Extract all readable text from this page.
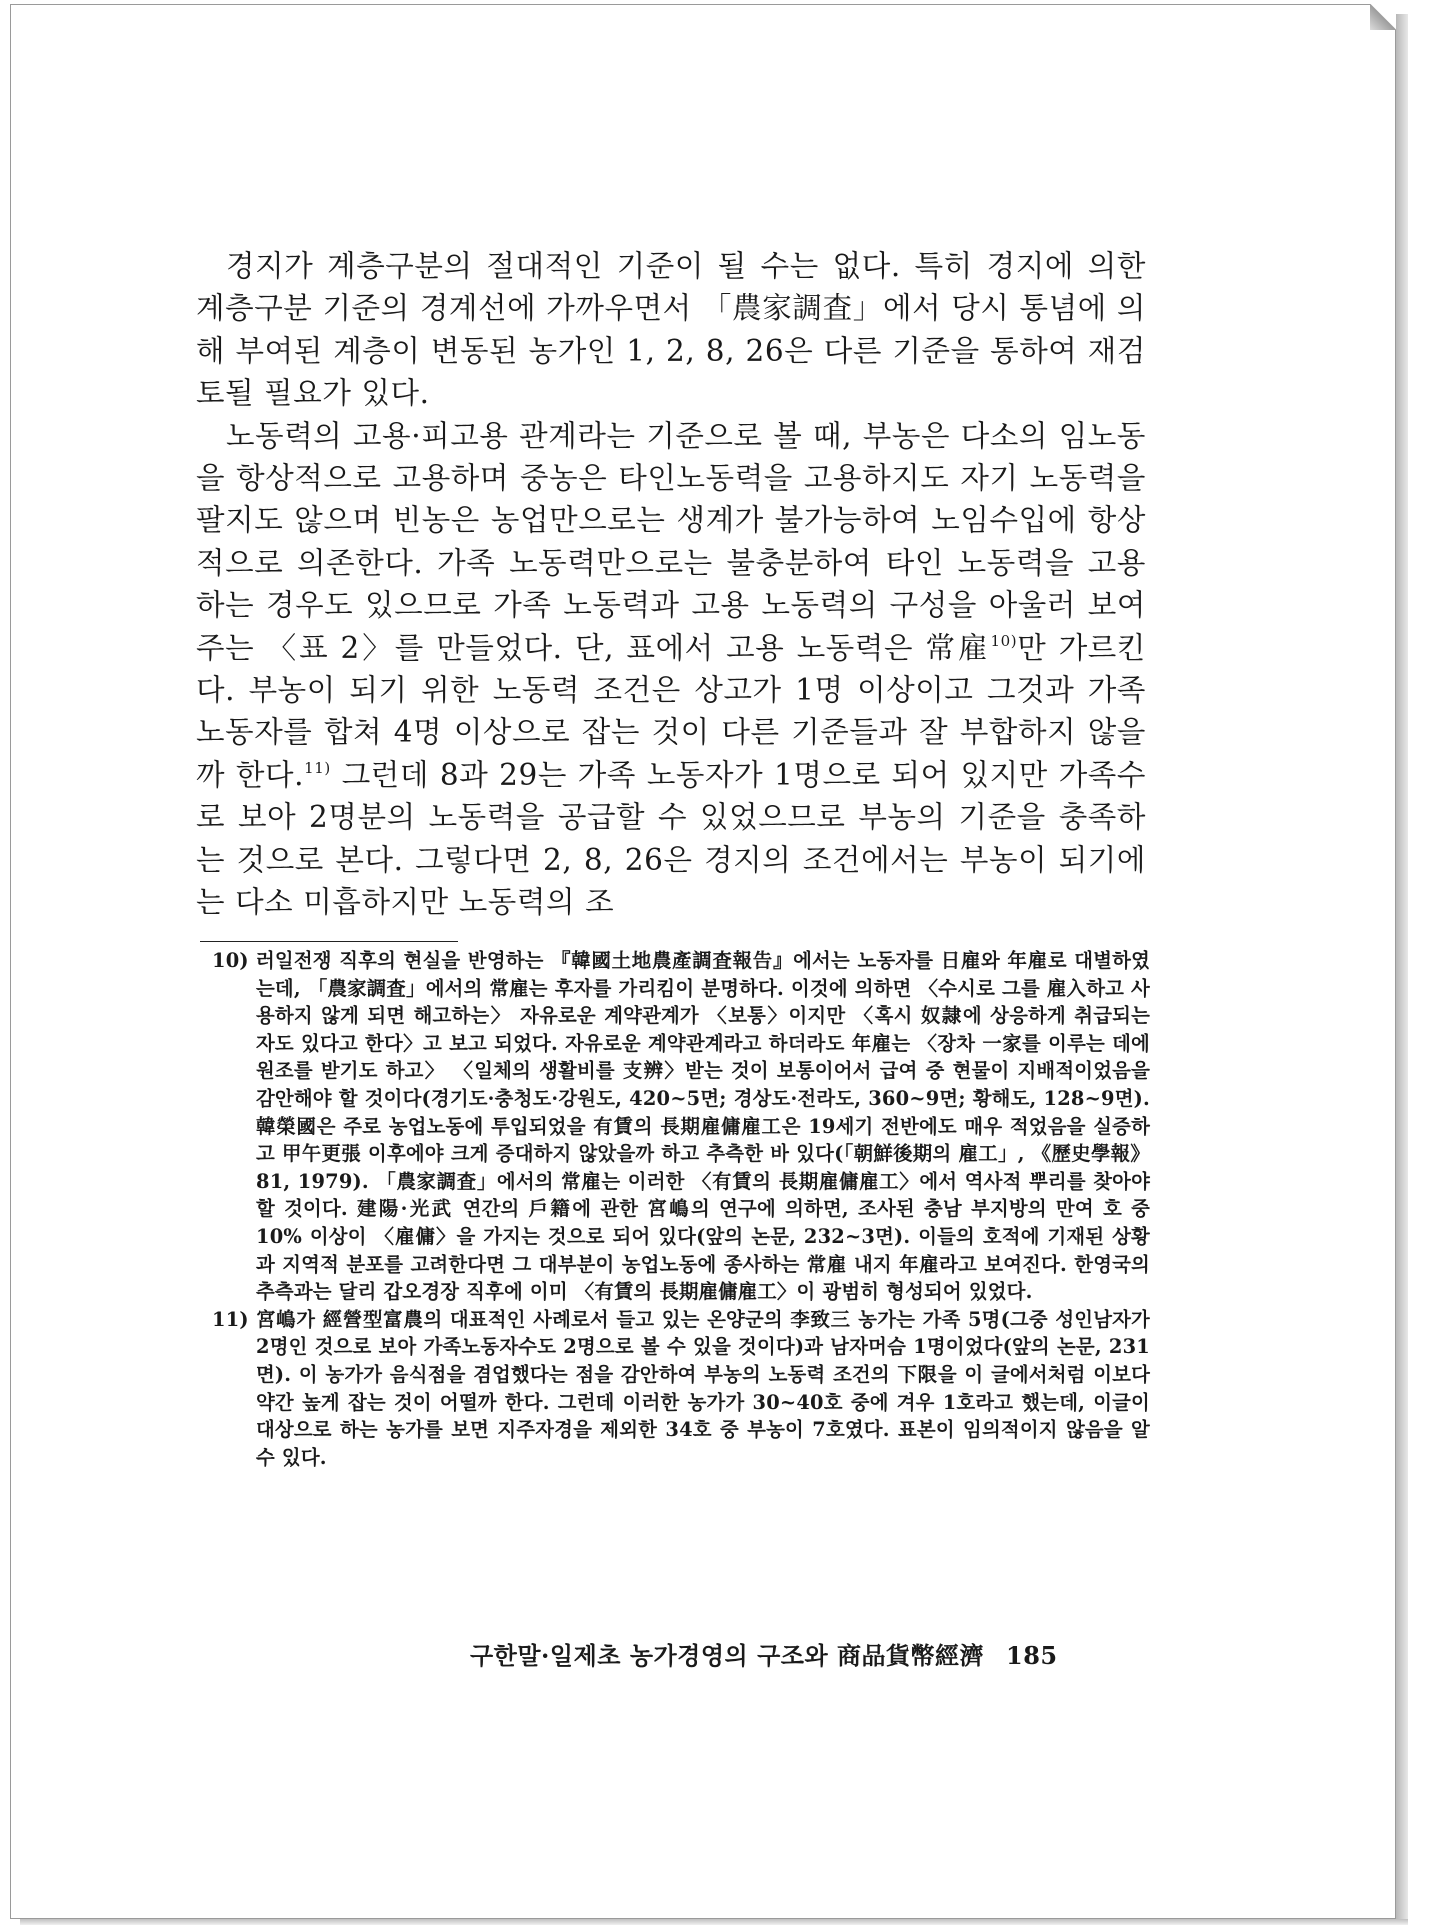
경지가 계층구분의 절대적인 기준이 될 수는 없다. 특히 경지에 의한 계층구분 기준의 경계선에 가까우면서 「農家調査」에서 당시 통념에 의해 부여된 계층이 변동된 농가인 1, 2, 8, 26은 다른 기준을 통하여 재검토될 필요가 있다.

노동력의 고용·피고용 관계라는 기준으로 볼 때, 부농은 다소의 임노동을 항상적으로 고용하며 중농은 타인노동력을 고용하지도 자기 노동력을 팔지도 않으며 빈농은 농업만으로는 생계가 불가능하여 노임수입에 항상적으로 의존한다. 가족 노동력만으로는 불충분하여 타인 노동력을 고용하는 경우도 있으므로 가족 노동력과 고용 노동력의 구성을 아울러 보여주는 〈표 2〉를 만들었다. 단, 표에서 고용 노동력은 常雇$^{10)}$만 가르킨다. 부농이 되기 위한 노동력 조건은 상고가 1명 이상이고 그것과 가족 노동자를 합쳐 4명 이상으로 잡는 것이 다른 기준들과 잘 부합하지 않을까 한다.$^{11)}$ 그런데 8과 29는 가족 노동자가 1명으로 되어 있지만 가족수로 보아 2명분의 노동력을 공급할 수 있었으므로 부농의 기준을 충족하는 것으로 본다. 그렇다면 2, 8, 26은 경지의 조건에서는 부농이 되기에는 다소 미흡하지만 노동력의 조

10) 러일전쟁 직후의 현실을 반영하는 『韓國土地農產調査報告』에서는 노동자를 日雇와 年雇로 대별하였는데, 「農家調査」에서의 常雇는 후자를 가리킴이 분명하다. 이것에 의하면 〈수시로 그를 雇入하고 사용하지 않게 되면 해고하는〉 자유로운 계약관계가 〈보통〉이지만 〈혹시 奴隷에 상응하게 취급되는 자도 있다고 한다〉고 보고 되었다. 자유로운 계약관계라고 하더라도 年雇는 〈장차 一家를 이루는 데에 원조를 받기도 하고〉 〈일체의 생활비를 支辨〉받는 것이 보통이어서 급여 중 현물이 지배적이었음을 감안해야 할 것이다(경기도·충청도·강원도, 420~5면; 경상도·전라도, 360~9면; 황해도, 128~9면). 韓榮國은 주로 농업노동에 투입되었을 有賃의 長期雇傭雇工은 19세기 전반에도 매우 적었음을 실증하고 甲午更張 이후에야 크게 증대하지 않았을까 하고 추측한 바 있다(「朝鮮後期의 雇工」, 《歷史學報》 81, 1979). 「農家調査」에서의 常雇는 이러한 〈有賃의 長期雇傭雇工〉에서 역사적 뿌리를 찾아야 할 것이다. 建陽·光武 연간의 戶籍에 관한 宮嶋의 연구에 의하면, 조사된 충남 부지방의 만여 호 중 10% 이상이 〈雇傭〉을 가지는 것으로 되어 있다(앞의 논문, 232~3면). 이들의 호적에 기재된 상황과 지역적 분포를 고려한다면 그 대부분이 농업노동에 종사하는 常雇 내지 年雇라고 보여진다. 한영국의 추측과는 달리 갑오경장 직후에 이미 〈有賃의 長期雇傭雇工〉이 광범히 형성되어 있었다.
11) 宮嶋가 經營型富農의 대표적인 사례로서 들고 있는 온양군의 李致三 농가는 가족 5명(그중 성인남자가 2명인 것으로 보아 가족노동자수도 2명으로 볼 수 있을 것이다)과 남자머슴 1명이었다(앞의 논문, 231면). 이 농가가 음식점을 겸업했다는 점을 감안하여 부농의 노동력 조건의 下限을 이 글에서처럼 이보다 약간 높게 잡는 것이 어떨까 한다. 그런데 이러한 농가가 30~40호 중에 겨우 1호라고 했는데, 이글이 대상으로 하는 농가를 보면 지주자경을 제외한 34호 중 부농이 7호였다. 표본이 임의적이지 않음을 알 수 있다.
구한말·일제초 농가경영의 구조와 商品貨幣經濟 185
